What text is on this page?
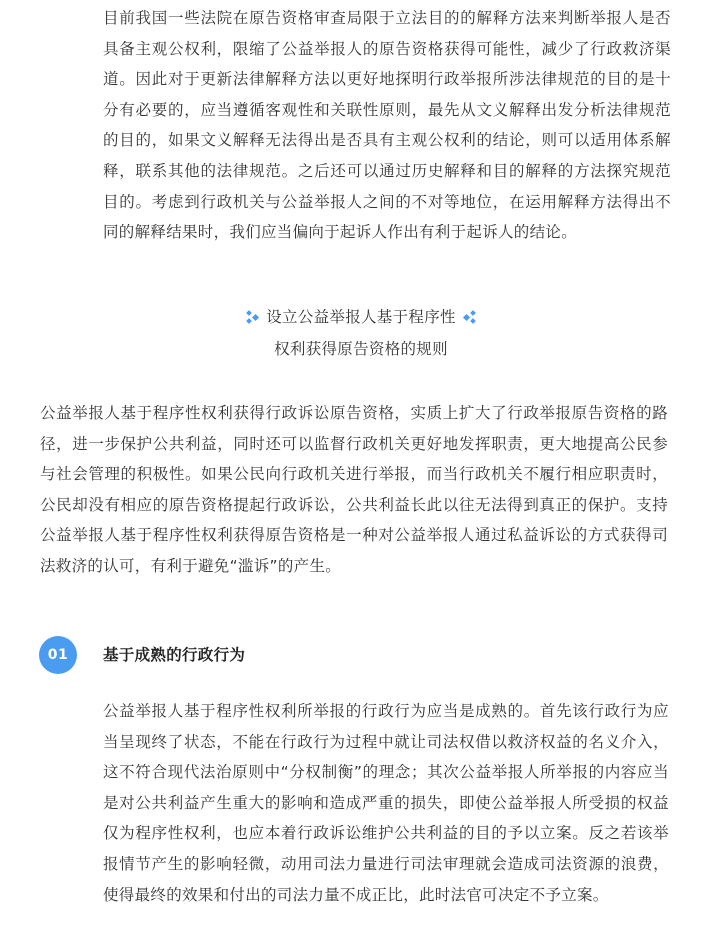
目前我国一些法院在原告资格审查局限于立法目的的解释方法来判断举报人是否具备主观公权利，限缩了公益举报人的原告资格获得可能性，减少了行政救济渠道。因此对于更新法律解释方法以更好地探明行政举报所涉法律规范的目的是十分有必要的，应当遵循客观性和关联性原则，最先从文义解释出发分析法律规范的目的，如果文义解释无法得出是否具有主观公权利的结论，则可以适用体系解释，联系其他的法律规范。之后还可以通过历史解释和目的解释的方法探究规范目的。考虑到行政机关与公益举报人之间的不对等地位，在运用解释方法得出不同的解释结果时，我们应当偏向于起诉人作出有利于起诉人的结论。

设立公益举报人基于程序性
权利获得原告资格的规则

公益举报人基于程序性权利获得行政诉讼原告资格，实质上扩大了行政举报原告资格的路径，进一步保护公共利益，同时还可以监督行政机关更好地发挥职责，更大地提高公民参与社会管理的积极性。如果公民向行政机关进行举报，而当行政机关不履行相应职责时，公民却没有相应的原告资格提起行政诉讼，公共利益长此以往无法得到真正的保护。支持公益举报人基于程序性权利获得原告资格是一种对公益举报人通过私益诉讼的方式获得司法救济的认可，有利于避免“滥诉”的产生。

01	基于成熟的行政行为

公益举报人基于程序性权利所举报的行政行为应当是成熟的。首先该行政行为应当呈现终了状态，不能在行政行为过程中就让司法权借以救济权益的名义介入，这不符合现代法治原则中“分权制衡”的理念；其次公益举报人所举报的内容应当是对公共利益产生重大的影响和造成严重的损失，即使公益举报人所受损的权益仅为程序性权利，也应本着行政诉讼维护公共利益的目的予以立案。反之若该举报情节产生的影响轻微，动用司法力量进行司法审理就会造成司法资源的浪费，使得最终的效果和付出的司法力量不成正比，此时法官可决定不予立案。
